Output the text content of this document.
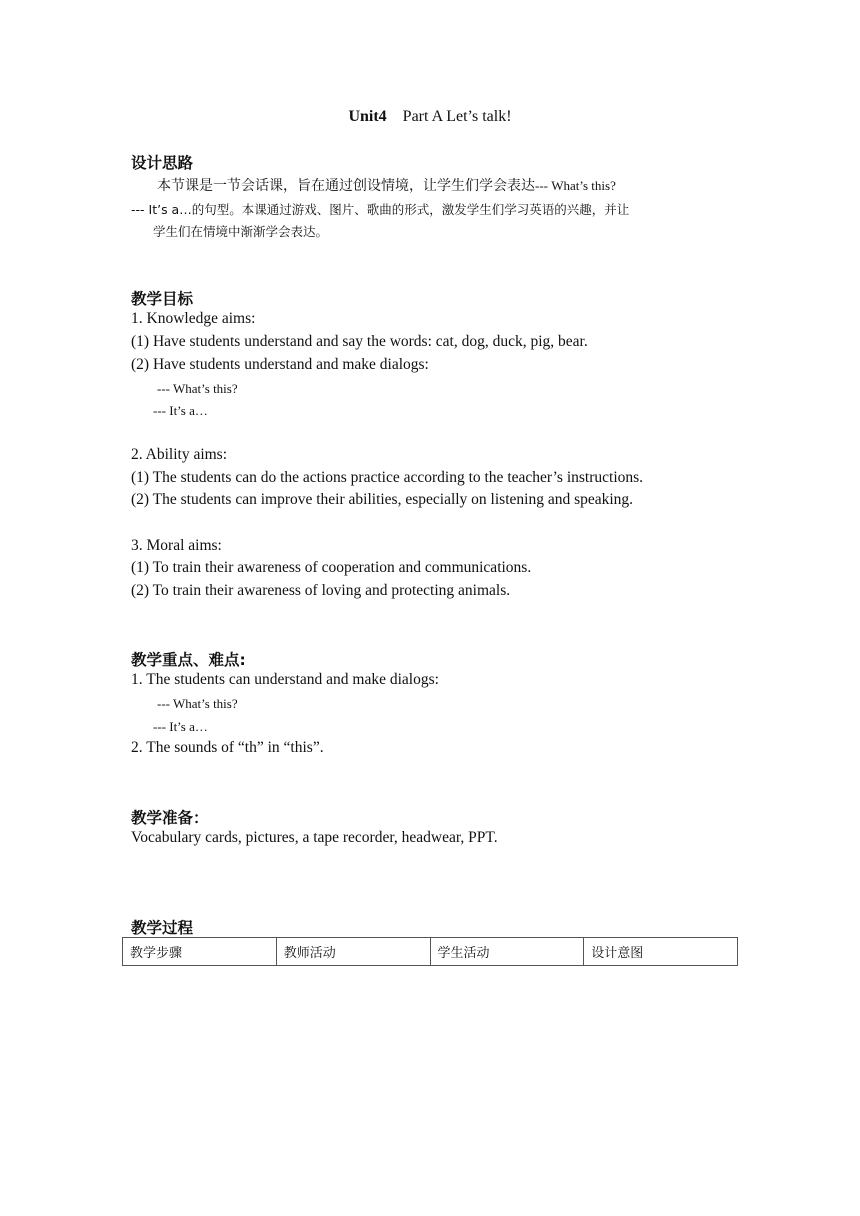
Unit4 Part A Let’s talk!
设计思路
本节课是一节会话课，旨在通过创设情境，让学生们学会表达--- What’s this?
--- It’s a…的句型。本课通过游戏、图片、歌曲的形式，激发学生们学习英语的兴趣，并让
学生们在情境中渐渐学会表达。
教学目标
1. Knowledge aims:
(1) Have students understand and say the words: cat, dog, duck, pig, bear.
(2) Have students understand and make dialogs:
--- What’s this?
--- It’s a…
2. Ability aims:
(1) The students can do the actions practice according to the teacher’s instructions.
(2) The students can improve their abilities, especially on listening and speaking.
3. Moral aims:
(1) To train their awareness of cooperation and communications.
(2) To train their awareness of loving and protecting animals.
教学重点、难点:
1. The students can understand and make dialogs:
--- What’s this?
--- It’s a…
2. The sounds of “th” in “this”.
教学准备：
Vocabulary cards, pictures, a tape recorder, headwear, PPT.
教学过程
教学步骤	教师活动	学生活动	设计意图
